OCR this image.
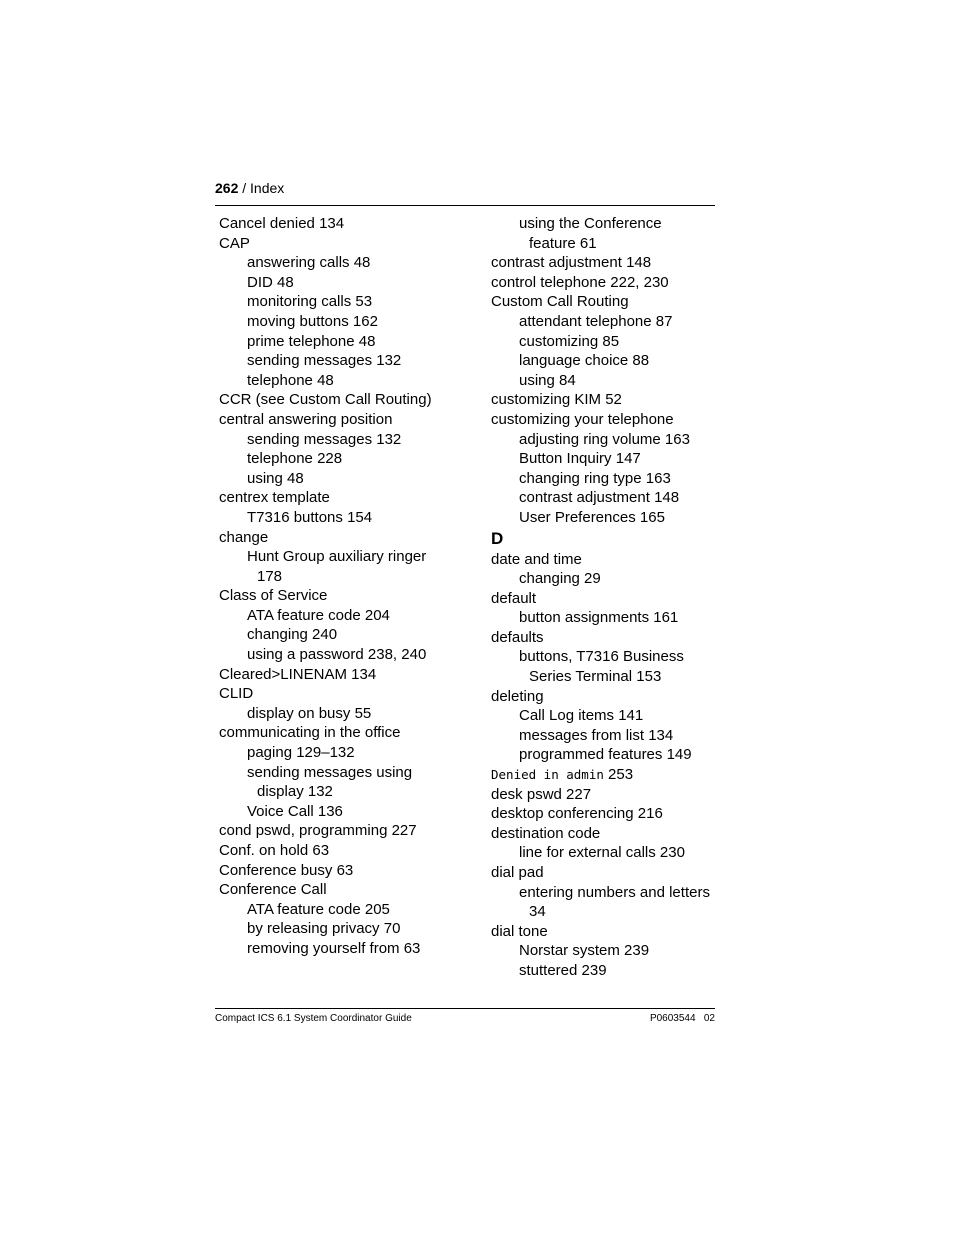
262 / Index
Cancel denied 134
CAP
answering calls 48
DID 48
monitoring calls 53
moving buttons 162
prime telephone 48
sending messages 132
telephone 48
CCR (see Custom Call Routing)
central answering position
sending messages 132
telephone 228
using 48
centrex template
T7316 buttons 154
change
Hunt Group auxiliary ringer
178
Class of Service
ATA feature code 204
changing 240
using a password 238, 240
Cleared>LINENAM 134
CLID
display on busy 55
communicating in the office
paging 129–132
sending messages using
display 132
Voice Call 136
cond pswd, programming 227
Conf. on hold 63
Conference busy 63
Conference Call
ATA feature code 205
by releasing privacy 70
removing yourself from 63
using the Conference
feature 61
contrast adjustment 148
control telephone 222, 230
Custom Call Routing
attendant telephone 87
customizing 85
language choice 88
using 84
customizing KIM 52
customizing your telephone
adjusting ring volume 163
Button Inquiry 147
changing ring type 163
contrast adjustment 148
User Preferences 165
D
date and time
changing 29
default
button assignments 161
defaults
buttons, T7316 Business
Series Terminal 153
deleting
Call Log items 141
messages from list 134
programmed features 149
Denied in admin 253
desk pswd 227
desktop conferencing 216
destination code
line for external calls 230
dial pad
entering numbers and letters
34
dial tone
Norstar system 239
stuttered 239
Compact ICS 6.1 System Coordinator Guide	P0603544   02
